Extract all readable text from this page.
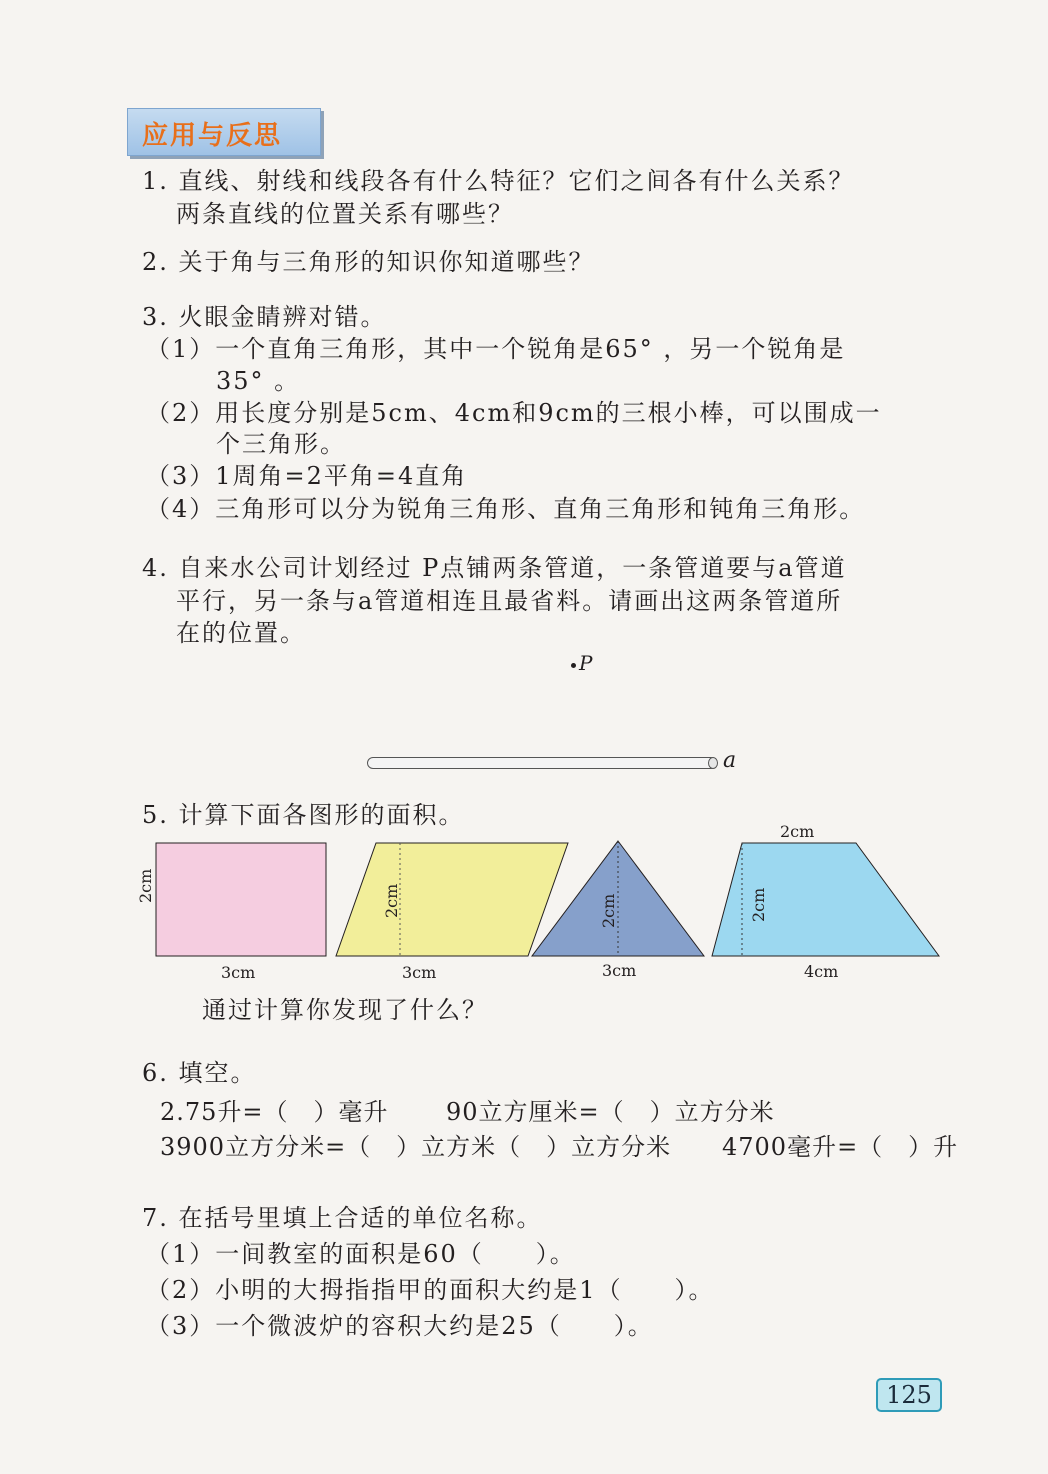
应用与反思
1. 直线、射线和线段各有什么特征？它们之间各有什么关系？
两条直线的位置关系有哪些？
2. 关于角与三角形的知识你知道哪些？
3. 火眼金睛辨对错。
（1）一个直角三角形，其中一个锐角是65° ，另一个锐角是
35° 。
（2）用长度分别是5cm、4cm和9cm的三根小棒，可以围成一
个三角形。
（3）1周角=2平角=4直角
（4）三角形可以分为锐角三角形、直角三角形和钝角三角形。
4. 自来水公司计划经过 P点铺两条管道，一条管道要与a管道
平行，另一条与a管道相连且最省料。请画出这两条管道所
在的位置。
P
a
5. 计算下面各图形的面积。
3cm
2cm
3cm
2cm
3cm
2cm
2cm
4cm
2cm
通过计算你发现了什么？
6. 填空。
2.75升=（　）毫升 90立方厘米=（　）立方分米
3900立方分米=（　）立方米（　）立方分米 4700毫升=（　）升
7. 在括号里填上合适的单位名称。
（1）一间教室的面积是60（　　）。
（2）小明的大拇指指甲的面积大约是1（　　）。
（3）一个微波炉的容积大约是25（　　）。
125
